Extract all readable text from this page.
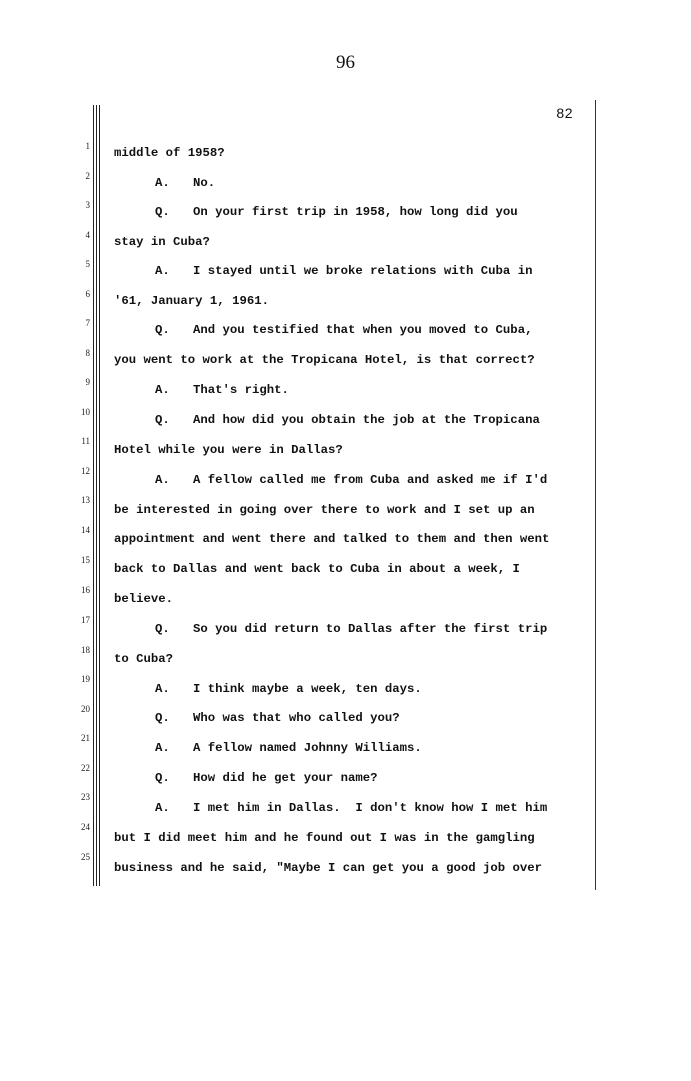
96
82
1
2
3
4
5
6
7
8
9
10
11
12
13
14
15
16
17
18
19
20
21
22
23
24
25
middle of 1958?
A. No.
Q. On your first trip in 1958, how long did you
stay in Cuba?
A. I stayed until we broke relations with Cuba in
'61, January 1, 1961.
Q. And you testified that when you moved to Cuba,
you went to work at the Tropicana Hotel, is that correct?
A. That's right.
Q. And how did you obtain the job at the Tropicana
Hotel while you were in Dallas?
A. A fellow called me from Cuba and asked me if I'd
be interested in going over there to work and I set up an
appointment and went there and talked to them and then went
back to Dallas and went back to Cuba in about a week, I
believe.
Q. So you did return to Dallas after the first trip
to Cuba?
A. I think maybe a week, ten days.
Q. Who was that who called you?
A. A fellow named Johnny Williams.
Q. How did he get your name?
A. I met him in Dallas.  I don't know how I met him
but I did meet him and he found out I was in the gamgling
business and he said, "Maybe I can get you a good job over
